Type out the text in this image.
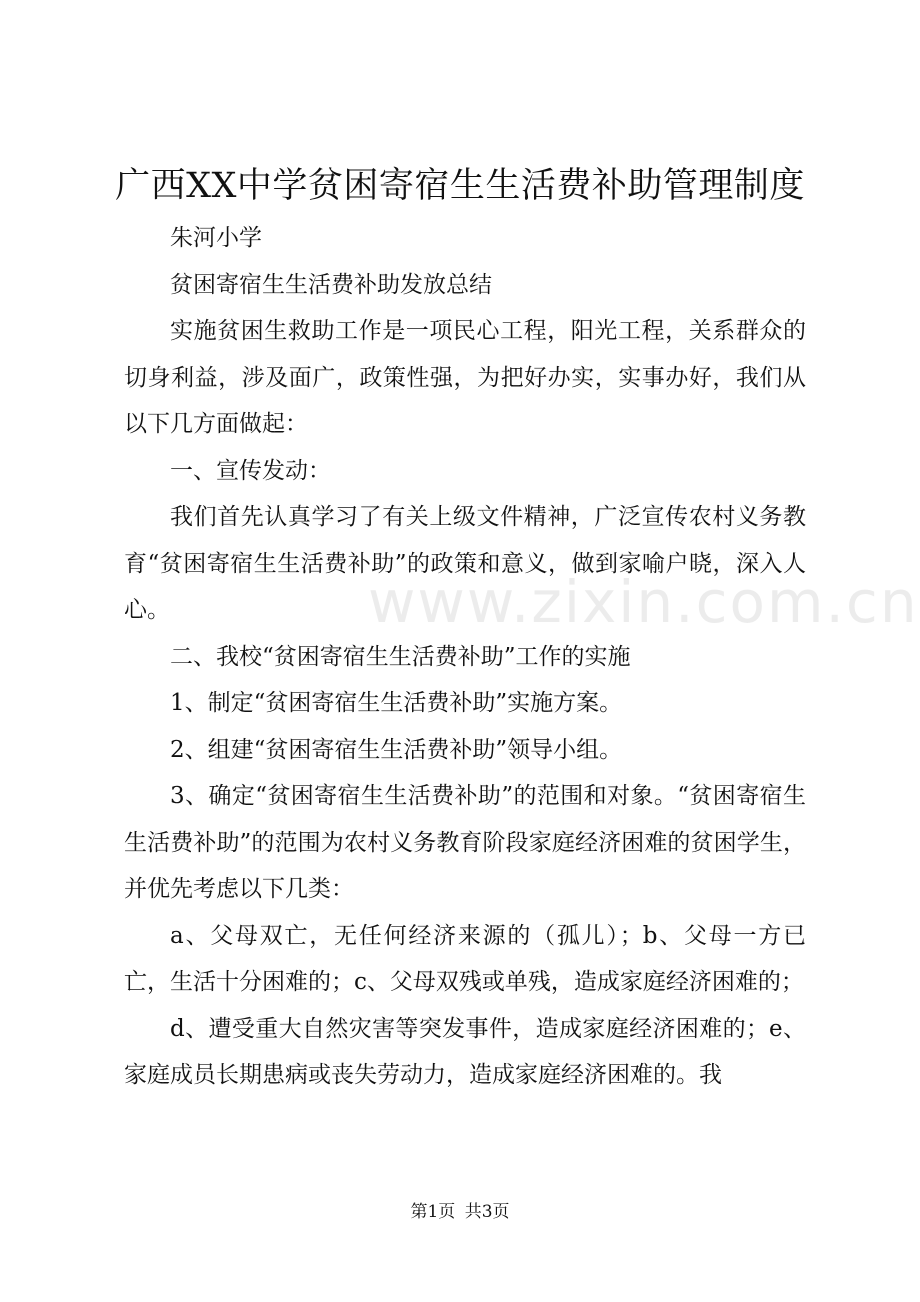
广西XX中学贫困寄宿生生活费补助管理制度

朱河小学

贫困寄宿生生活费补助发放总结

实施贫困生救助工作是一项民心工程，阳光工程，关系群众的切身利益，涉及面广，政策性强，为把好办实，实事办好，我们从以下几方面做起：

一、宣传发动：

我们首先认真学习了有关上级文件精神，广泛宣传农村义务教育“贫困寄宿生生活费补助”的政策和意义，做到家喻户晓，深入人心。

二、我校“贫困寄宿生生活费补助”工作的实施

1、制定“贫困寄宿生生活费补助”实施方案。

2、组建“贫困寄宿生生活费补助”领导小组。

3、确定“贫困寄宿生生活费补助”的范围和对象。“贫困寄宿生生活费补助”的范围为农村义务教育阶段家庭经济困难的贫困学生，并优先考虑以下几类：

a、父母双亡，无任何经济来源的（孤儿）；b、父母一方已亡，生活十分困难的；c、父母双残或单残，造成家庭经济困难的；

d、遭受重大自然灾害等突发事件，造成家庭经济困难的；e、家庭成员长期患病或丧失劳动力，造成家庭经济困难的。我

www.zixin.com.cn
第1页 共3页
